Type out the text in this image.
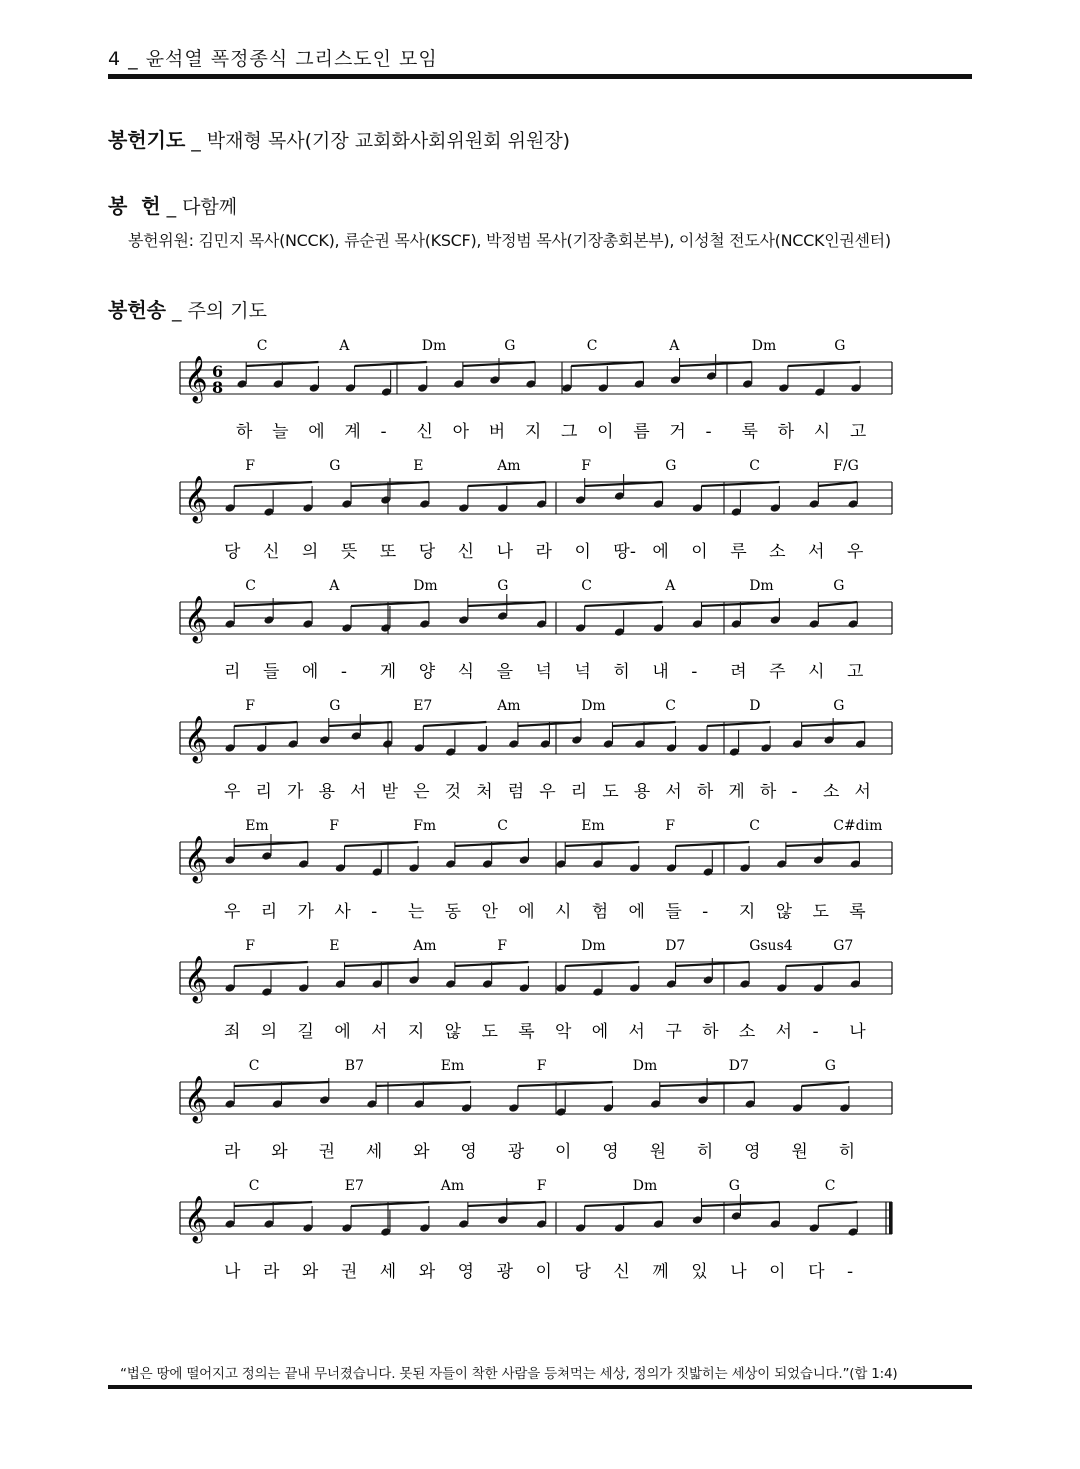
4 _ 윤석열 폭정종식 그리스도인 모임
봉헌기도 _ 박재형 목사(기장 교회화사회위원회 위원장)
봉  헌 _ 다함께
봉헌위원: 김민지 목사(NCCK), 류순권 목사(KSCF), 박정범 목사(기장총회본부), 이성철 전도사(NCCK인권센터)
봉헌송 _ 주의 기도
𝄞 6
8
C	A	Dm	G	C	A	Dm	G
하 늘 에 계 - 신 아 버 지 그 이 름 거 - 룩 하 시 고
𝄞
F	G	E	Am	F	G	C	F/G
당 신 의 뜻 또 당 신 나 라 이 땅- 에 이 루 소 서 우
𝄞
C	A	Dm	G	C	A	Dm	G
리 들 에 - 게 양 식 을 넉 넉 히 내 - 려 주 시 고
𝄞
F	G	E7	Am	Dm	C	D	G
우 리 가 용 서 받 은 것 처 럼 우 리 도 용 서 하 게 하 - 소 서
𝄞
Em	F	Fm	C	Em	F	C	C#dim
우 리 가 사 - 는 동 안 에 시 험 에 들 - 지 않 도 록
𝄞
F	E	Am	F	Dm	D7	Gsus4	G7
죄 의 길 에 서 지 않 도 록 악 에 서 구 하 소 서 - 나
𝄞
C	B7	Em	F	Dm	D7	G
라 와 권 세 와 영 광 이 영 원 히 영 원 히
𝄞
C	E7	Am	F	Dm	G	C
나 라 와 권 세 와 영 광 이 당 신 께 있 나 이 다 -
“법은 땅에 떨어지고 정의는 끝내 무너졌습니다. 못된 자들이 착한 사람을 등쳐먹는 세상, 정의가 짓밟히는 세상이 되었습니다.”(합 1:4)
